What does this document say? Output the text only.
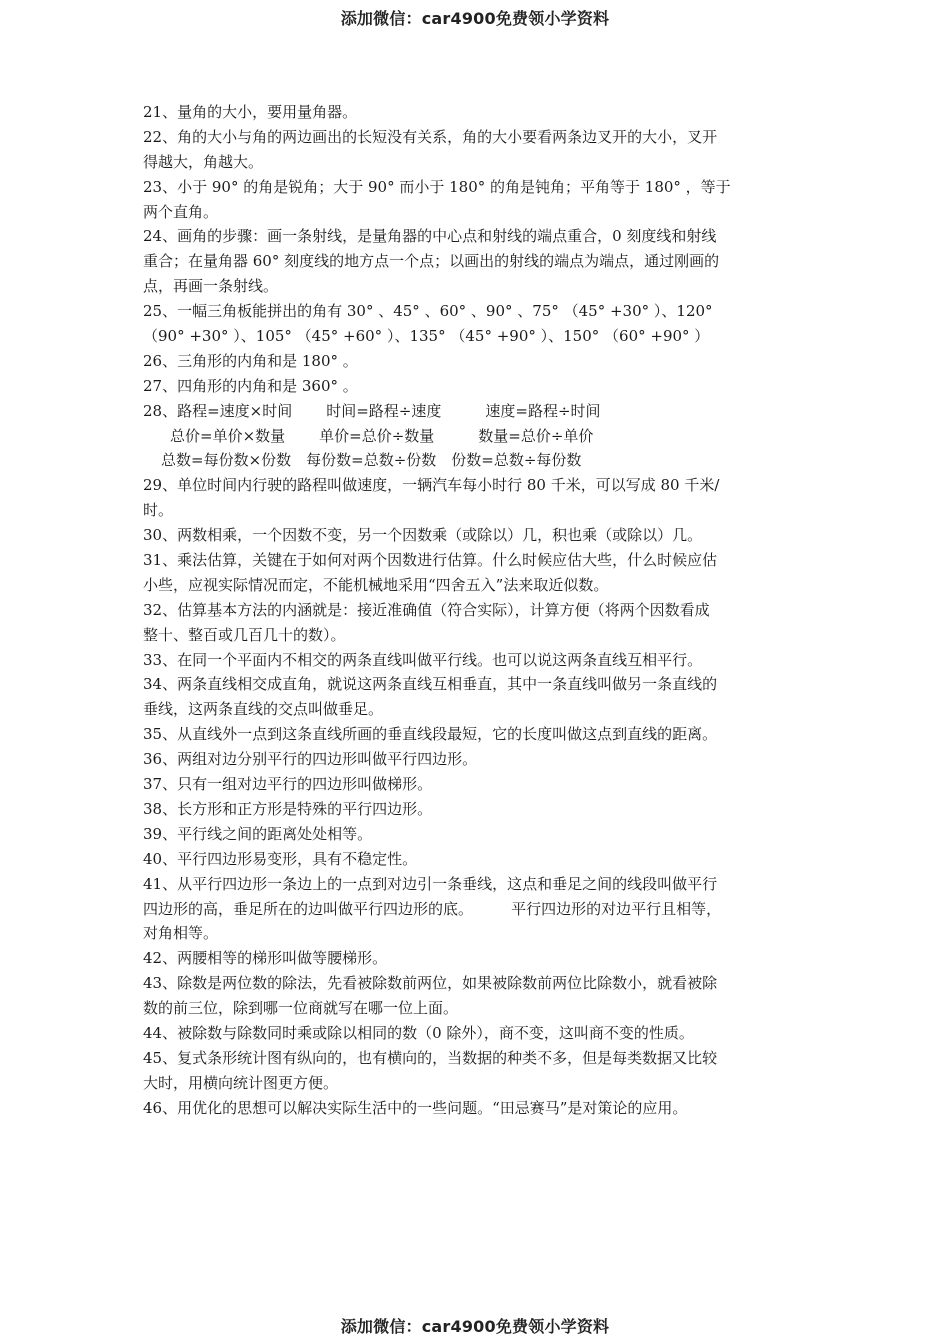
添加微信：car4900免费领小学资料
21、量角的大小，要用量角器。
22、角的大小与角的两边画出的长短没有关系，角的大小要看两条边叉开的大小，叉开
得越大，角越大。
23、小于 90° 的角是锐角；大于 90° 而小于 180° 的角是钝角；平角等于 180° ，等于
两个直角。
24、画角的步骤：画一条射线，是量角器的中心点和射线的端点重合，0 刻度线和射线
重合；在量角器 60° 刻度线的地方点一个点；以画出的射线的端点为端点，通过刚画的
点，再画一条射线。
25、一幅三角板能拼出的角有 30° 、45° 、60° 、90° 、75° （45° +30° ）、120°
（90° +30° ）、105° （45° +60° ）、135° （45° +90° ）、150° （60° +90° ）
26、三角形的内角和是 180° 。
27、四角形的内角和是 360° 。
28、路程=速度×时间 时间=路程÷速度	速度=路程÷时间
总价=单价×数量 单价=总价÷数量	数量=总价÷单价
总数=每份数×份数 每份数=总数÷份数 份数=总数÷每份数
29、单位时间内行驶的路程叫做速度，一辆汽车每小时行 80 千米，可以写成 80 千米/
时。
30、两数相乘，一个因数不变，另一个因数乘（或除以）几，积也乘（或除以）几。
31、乘法估算，关键在于如何对两个因数进行估算。什么时候应估大些，什么时候应估
小些，应视实际情况而定，不能机械地采用“四舍五入”法来取近似数。
32、估算基本方法的内涵就是：接近准确值（符合实际），计算方便（将两个因数看成
整十、整百或几百几十的数）。
33、在同一个平面内不相交的两条直线叫做平行线。也可以说这两条直线互相平行。
34、两条直线相交成直角，就说这两条直线互相垂直，其中一条直线叫做另一条直线的
垂线，这两条直线的交点叫做垂足。
35、从直线外一点到这条直线所画的垂直线段最短，它的长度叫做这点到直线的距离。
36、两组对边分别平行的四边形叫做平行四边形。
37、只有一组对边平行的四边形叫做梯形。
38、长方形和正方形是特殊的平行四边形。
39、平行线之间的距离处处相等。
40、平行四边形易变形，具有不稳定性。
41、从平行四边形一条边上的一点到对边引一条垂线，这点和垂足之间的线段叫做平行
四边形的高，垂足所在的边叫做平行四边形的底。        平行四边形的对边平行且相等，
对角相等。
42、两腰相等的梯形叫做等腰梯形。
43、除数是两位数的除法，先看被除数前两位，如果被除数前两位比除数小，就看被除
数的前三位，除到哪一位商就写在哪一位上面。
44、被除数与除数同时乘或除以相同的数（0 除外），商不变，这叫商不变的性质。
45、复式条形统计图有纵向的，也有横向的，当数据的种类不多，但是每类数据又比较
大时，用横向统计图更方便。
46、用优化的思想可以解决实际生活中的一些问题。“田忌赛马”是对策论的应用。
添加微信：car4900免费领小学资料
